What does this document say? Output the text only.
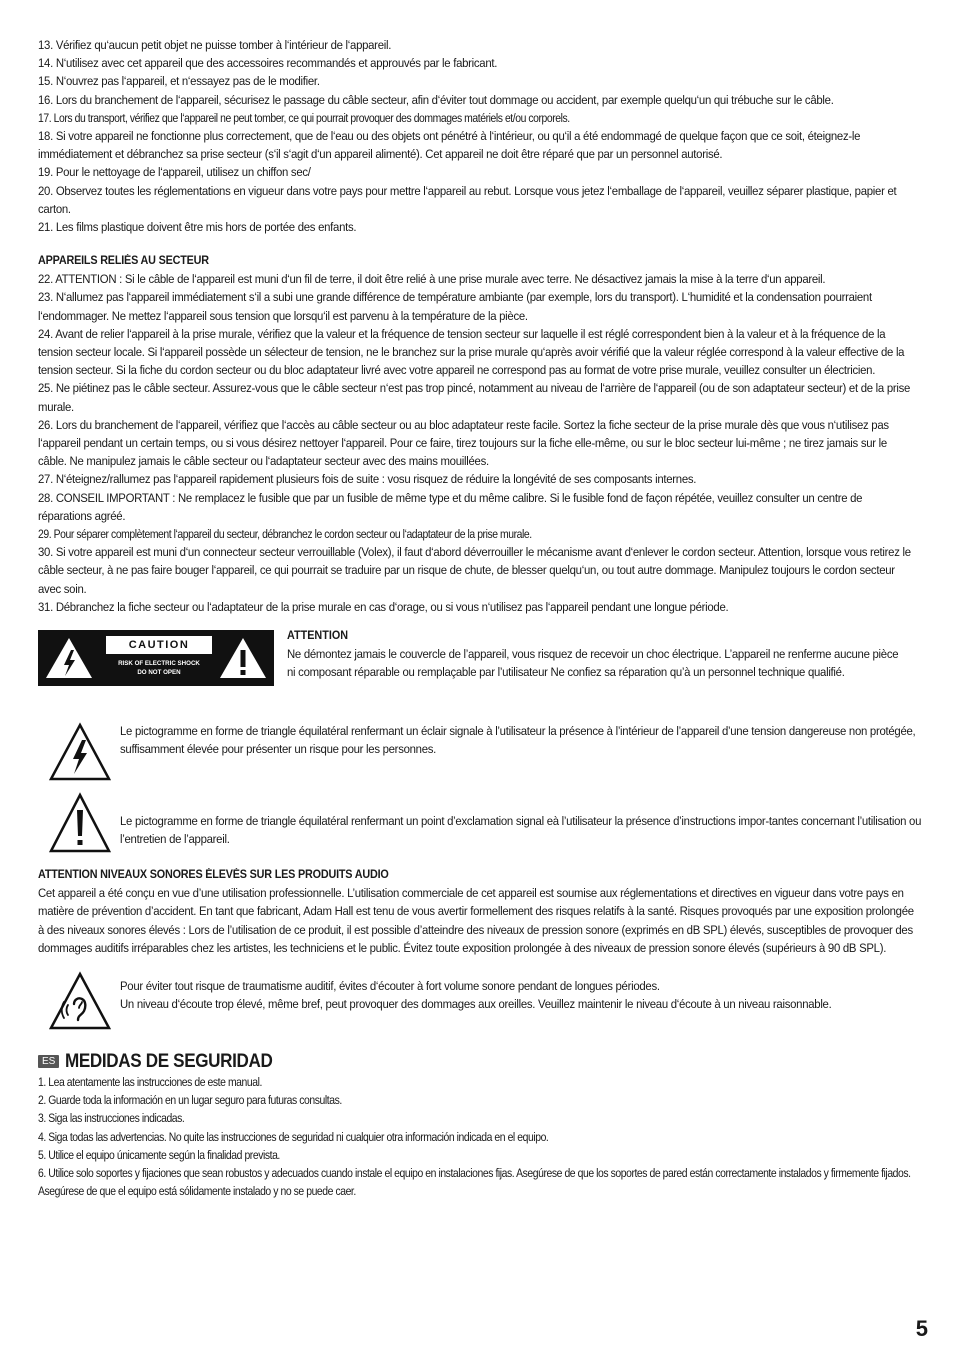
13. Vérifiez qu‘aucun petit objet ne puisse tomber à l‘intérieur de l‘appareil.
14. N‘utilisez avec cet appareil que des accessoires recommandés et approuvés par le fabricant.
15. N‘ouvrez pas l‘appareil, et n‘essayez pas de le modifier.
16. Lors du branchement de l‘appareil, sécurisez le passage du câble secteur, afin d‘éviter tout dommage ou accident, par exemple quelqu‘un qui trébuche sur le câble.
17. Lors du transport, vérifiez que l‘appareil ne peut tomber, ce qui pourrait provoquer des dommages matériels et/ou corporels.
18. Si votre appareil ne fonctionne plus correctement, que de l‘eau ou des objets ont pénétré à l‘intérieur, ou qu‘il a été endommagé de quelque façon que ce soit, éteignez-le immédiatement et débranchez sa prise secteur (s‘il s‘agit d‘un appareil alimenté). Cet appareil ne doit être réparé que par un personnel autorisé.
19. Pour le nettoyage de l‘appareil, utilisez un chiffon sec/
20. Observez toutes les réglementations en vigueur dans votre pays pour mettre l‘appareil au rebut. Lorsque vous jetez l‘emballage de l‘appareil, veuillez séparer plastique, papier et carton.
21. Les films plastique doivent être mis hors de portée des enfants.
APPAREILS RELIÉS AU SECTEUR
22. ATTENTION : Si le câble de l‘appareil est muni d‘un fil de terre, il doit être relié à une prise murale avec terre. Ne désactivez jamais la mise à la terre d‘un appareil.
23. N‘allumez pas l‘appareil immédiatement s‘il a subi une grande différence de température ambiante (par exemple, lors du transport). L‘humidité et la condensation pourraient l‘endommager. Ne mettez l‘appareil sous tension que lorsqu‘il est parvenu à la température de la pièce.
24. Avant de relier l‘appareil à la prise murale, vérifiez que la valeur et la fréquence de tension secteur sur laquelle il est réglé correspondent bien à la valeur et à la fréquence de la tension secteur locale. Si l‘appareil possède un sélecteur de tension, ne le branchez sur la prise murale qu‘après avoir vérifié que la valeur réglée correspond à la valeur effective de la tension secteur. Si la fiche du cordon secteur ou du bloc adaptateur livré avec votre appareil ne correspond pas au format de votre prise murale, veuillez consulter un électricien.
25. Ne piétinez pas le câble secteur. Assurez-vous que le câble secteur n‘est pas trop pincé, notamment au niveau de l‘arrière de l‘appareil (ou de son adaptateur secteur) et de la prise murale.
26. Lors du branchement de l‘appareil, vérifiez que l‘accès au câble secteur ou au bloc adaptateur reste facile. Sortez la fiche secteur de la prise murale dès que vous n‘utilisez pas l‘appareil pendant un certain temps, ou si vous désirez nettoyer l‘appareil. Pour ce faire, tirez toujours sur la fiche elle-même, ou sur le bloc secteur lui-même ; ne tirez jamais sur le câble. Ne manipulez jamais le câble secteur ou l‘adaptateur secteur avec des mains mouillées.
27. N‘éteignez/rallumez pas l‘appareil rapidement plusieurs fois de suite : vosu risquez de réduire la longévité de ses composants internes.
28. CONSEIL IMPORTANT : Ne remplacez le fusible que par un fusible de même type et du même calibre. Si le fusible fond de façon répétée, veuillez consulter un centre de réparations agréé.
29. Pour séparer complètement l‘appareil du secteur, débranchez le cordon secteur ou l‘adaptateur de la prise murale.
30. Si votre appareil est muni d‘un connecteur secteur verrouillable (Volex), il faut d‘abord déverrouiller le mécanisme avant d‘enlever le cordon secteur. Attention, lorsque vous retirez le câble secteur, à ne pas faire bouger l‘appareil, ce qui pourrait se traduire par un risque de chute, de blesser quelqu‘un, ou tout autre dommage. Manipulez toujours le cordon secteur avec soin.
31. Débranchez la fiche secteur ou l‘adaptateur de la prise murale en cas d‘orage, ou si vous n‘utilisez pas l‘appareil pendant une longue période.
CAUTION
RISK OF ELECTRIC SHOCK
DO NOT OPEN
ATTENTION
Ne démontez jamais le couvercle de l’appareil, vous risquez de recevoir un choc électrique. L’appareil ne renferme aucune pièce ni composant réparable ou remplaçable par l’utilisateur Ne confiez sa réparation qu’à un personnel technique qualifié.
Le pictogramme en forme de triangle équilatéral renfermant un éclair signale à l’utilisateur la présence à l’intérieur de l’appareil d’une tension dangereuse non protégée, suffisamment élevée pour présenter un risque pour les personnes.
Le pictogramme en forme de triangle équilatéral renfermant un point d’exclamation signal eà l’utilisateur la présence d’instructions impor-tantes concernant l’utilisation ou l’entretien de l’appareil.
ATTENTION NIVEAUX SONORES ÉLEVÉS SUR LES PRODUITS AUDIO
Cet appareil a été conçu en vue d’une utilisation professionnelle. L’utilisation commerciale de cet appareil est soumise aux réglementations et directives en vigueur dans votre pays en matière de prévention d’accident. En tant que fabricant, Adam Hall est tenu de vous avertir formellement des risques relatifs à la santé. Risques provoqués par une exposition prolongée à des niveaux sonores élevés : Lors de l’utilisation de ce produit, il est possible d’atteindre des niveaux de pression sonore (exprimés en dB SPL) élevés, susceptibles de provoquer des dommages auditifs irréparables chez les artistes, les techniciens et le public. Évitez toute exposition prolongée à des niveaux de pression sonore élevés (supérieurs à 90 dB SPL).
Pour éviter tout risque de traumatisme auditif, évites d‘écouter à fort volume sonore pendant de longues périodes.
Un niveau d‘écoute trop élevé, même bref, peut provoquer des dommages aux oreilles. Veuillez maintenir le niveau d‘écoute à un niveau raisonnable.
ES MEDIDAS DE SEGURIDAD
1. Lea atentamente las instrucciones de este manual.
2. Guarde toda la información en un lugar seguro para futuras consultas.
3. Siga las instrucciones indicadas.
4. Siga todas las advertencias. No quite las instrucciones de seguridad ni cualquier otra información indicada en el equipo.
5. Utilice el equipo únicamente según la finalidad prevista.
6. Utilice solo soportes y fijaciones que sean robustos y adecuados cuando instale el equipo en instalaciones fijas. Asegúrese de que los soportes de pared están correctamente instalados y firmemente fijados. Asegúrese de que el equipo está sólidamente instalado y no se puede caer.
5
